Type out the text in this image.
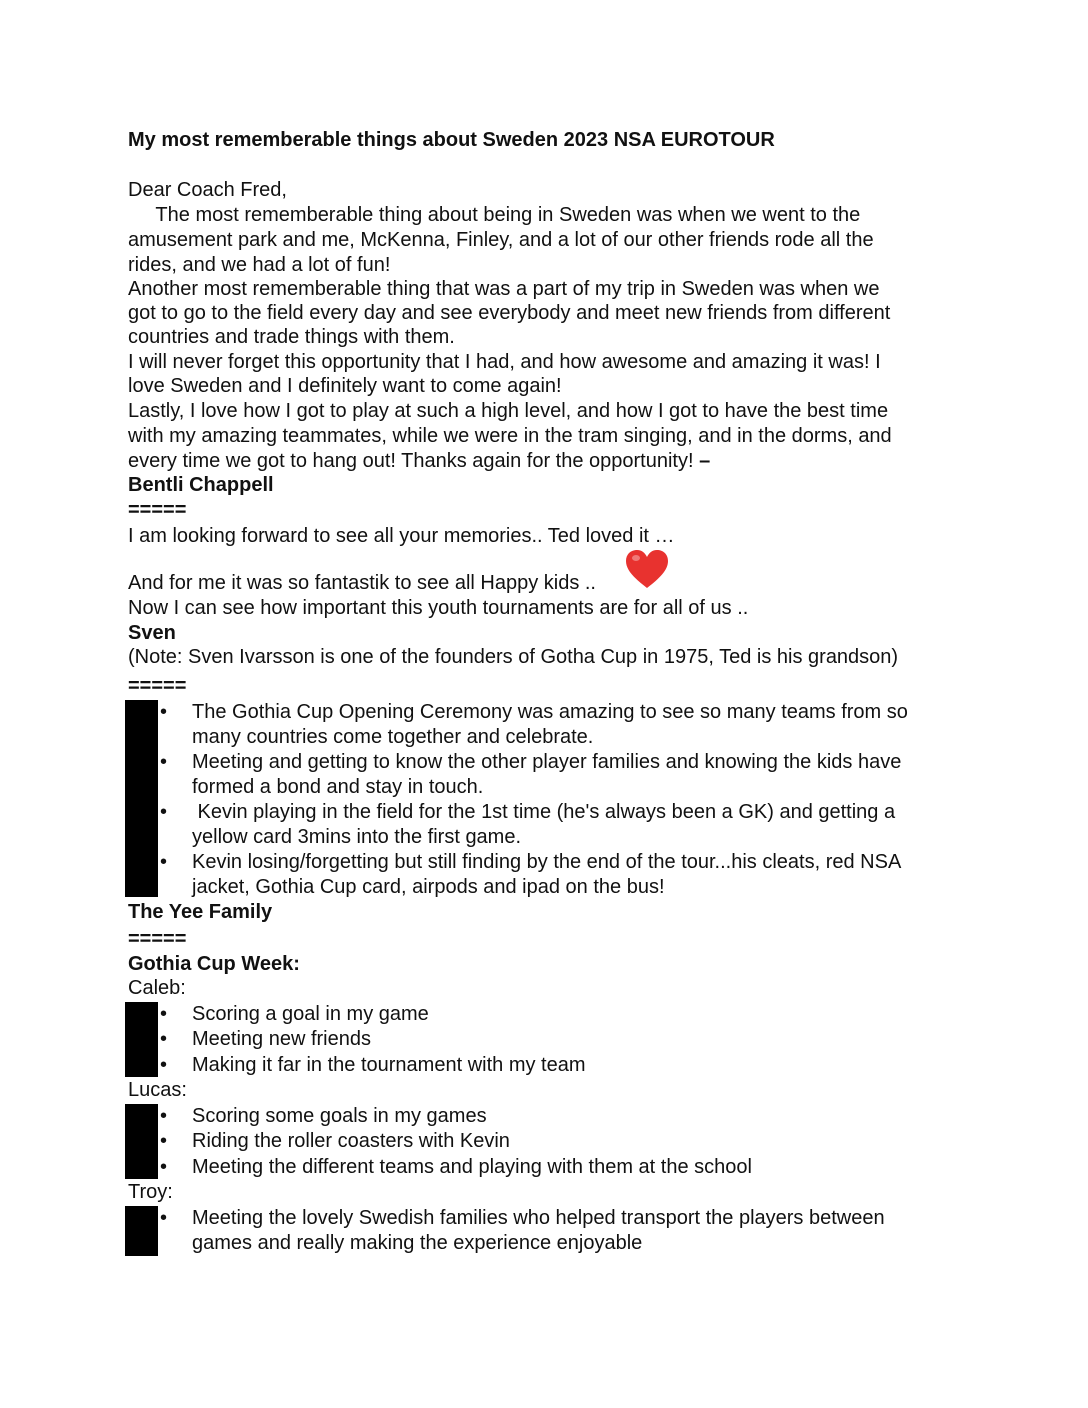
My most rememberable things about Sweden 2023 NSA EUROTOUR
Dear Coach Fred,
The most rememberable thing about being in Sweden was when we went to the
amusement park and me, McKenna, Finley, and a lot of our other friends rode all the
rides, and we had a lot of fun!
Another most rememberable thing that was a part of my trip in Sweden was when we
got to go to the field every day and see everybody and meet new friends from different
countries and trade things with them.
I will never forget this opportunity that I had, and how awesome and amazing it was! I
love Sweden and I definitely want to come again!
Lastly, I love how I got to play at such a high level, and how I got to have the best time
with my amazing teammates, while we were in the tram singing, and in the dorms, and
every time we got to hang out! Thanks again for the opportunity! –
Bentli Chappell
=====
I am looking forward to see all your memories.. Ted loved it …
And for me it was so fantastik to see all Happy kids ..
Now I can see how important this youth tournaments are for all of us ..
Sven
(Note: Sven Ivarsson is one of the founders of Gotha Cup in 1975, Ted is his grandson)
=====
•	The Gothia Cup Opening Ceremony was amazing to see so many teams from so
many countries come together and celebrate.
•	Meeting and getting to know the other player families and knowing the kids have
formed a bond and stay in touch.
•	Kevin playing in the field for the 1st time (he's always been a GK) and getting a
yellow card 3mins into the first game.
•	Kevin losing/forgetting but still finding by the end of the tour...his cleats, red NSA
jacket, Gothia Cup card, airpods and ipad on the bus!
The Yee Family
=====
Gothia Cup Week:
Caleb:
•	Scoring a goal in my game
•	Meeting new friends
•	Making it far in the tournament with my team
Lucas:
•	Scoring some goals in my games
•	Riding the roller coasters with Kevin
•	Meeting the different teams and playing with them at the school
Troy:
•	Meeting the lovely Swedish families who helped transport the players between
games and really making the experience enjoyable
